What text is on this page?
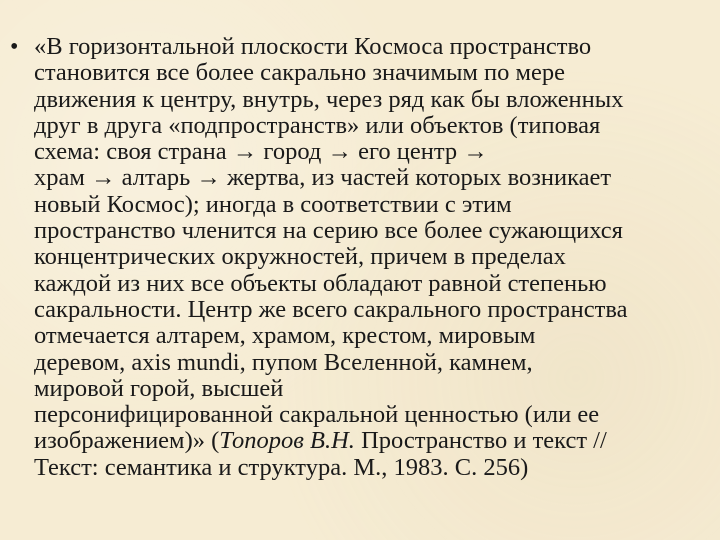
• «В горизонтальной плоскости Космоса пространство
становится все более сакрально значимым по мере
движения к центру, внутрь, через ряд как бы вложенных
друг в друга «подпространств» или объектов (типовая
схема: своя страна → город → его центр →
храм → алтарь → жертва, из частей которых возникает
новый Космос); иногда в соответствии с этим
пространство членится на серию все более сужающихся
концентрических окружностей, причем в пределах
каждой из них все объекты обладают равной степенью
сакральности. Центр же всего сакрального пространства
отмечается алтарем, храмом, крестом, мировым
деревом, axis mundi, пупом Вселенной, камнем,
мировой горой, высшей
персонифицированной сакральной ценностью (или ее
изображением)» (Топоров В.Н. Пространство и текст //
Текст: семантика и структура. М., 1983. С. 256)
